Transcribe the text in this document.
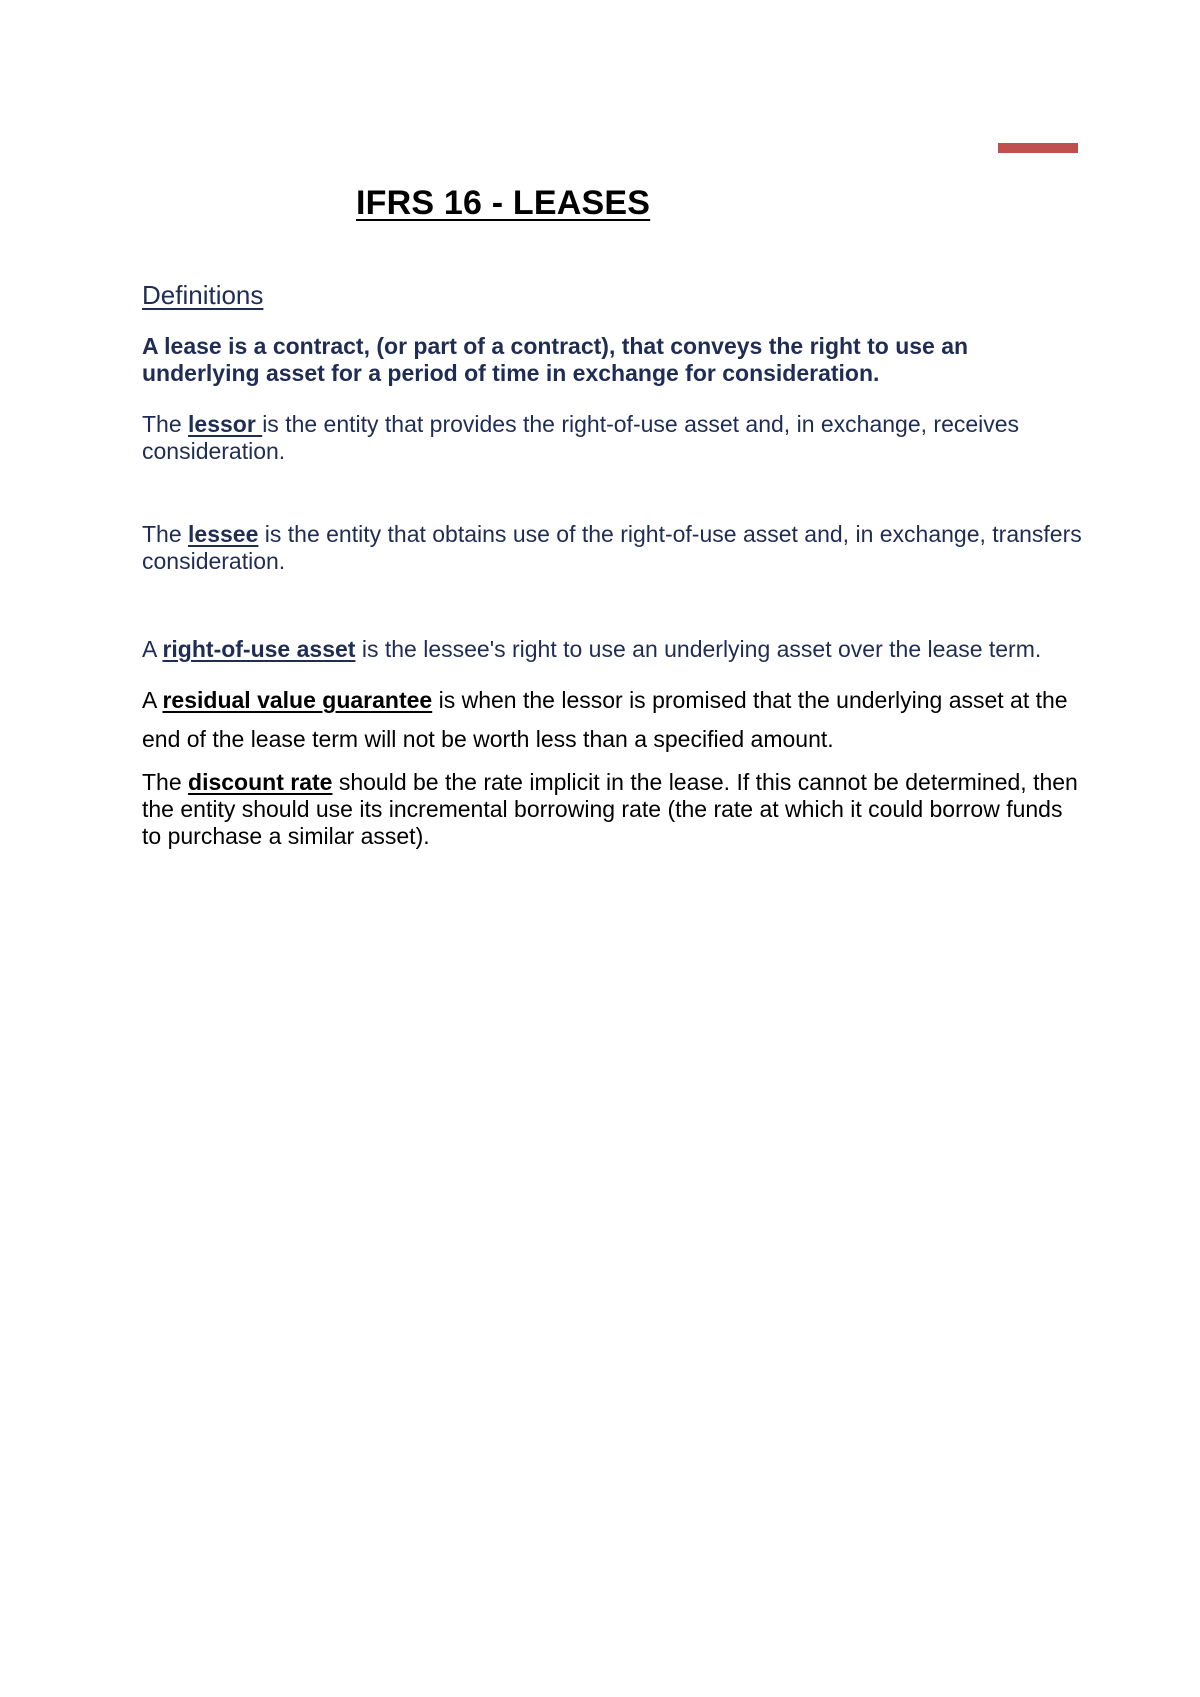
IFRS 16 - LEASES
Definitions

A lease is a contract, (or part of a contract), that conveys the right to use an underlying asset for a period of time in exchange for consideration.

The lessor is the entity that provides the right-of-use asset and, in exchange, receives consideration.

The lessee is the entity that obtains use of the right-of-use asset and, in exchange, transfers consideration.

A right-of-use asset is the lessee's right to use an underlying asset over the lease term.

A residual value guarantee is when the lessor is promised that the underlying asset at the end of the lease term will not be worth less than a specified amount.

The discount rate should be the rate implicit in the lease. If this cannot be determined, then the entity should use its incremental borrowing rate (the rate at which it could borrow funds to purchase a similar asset).
